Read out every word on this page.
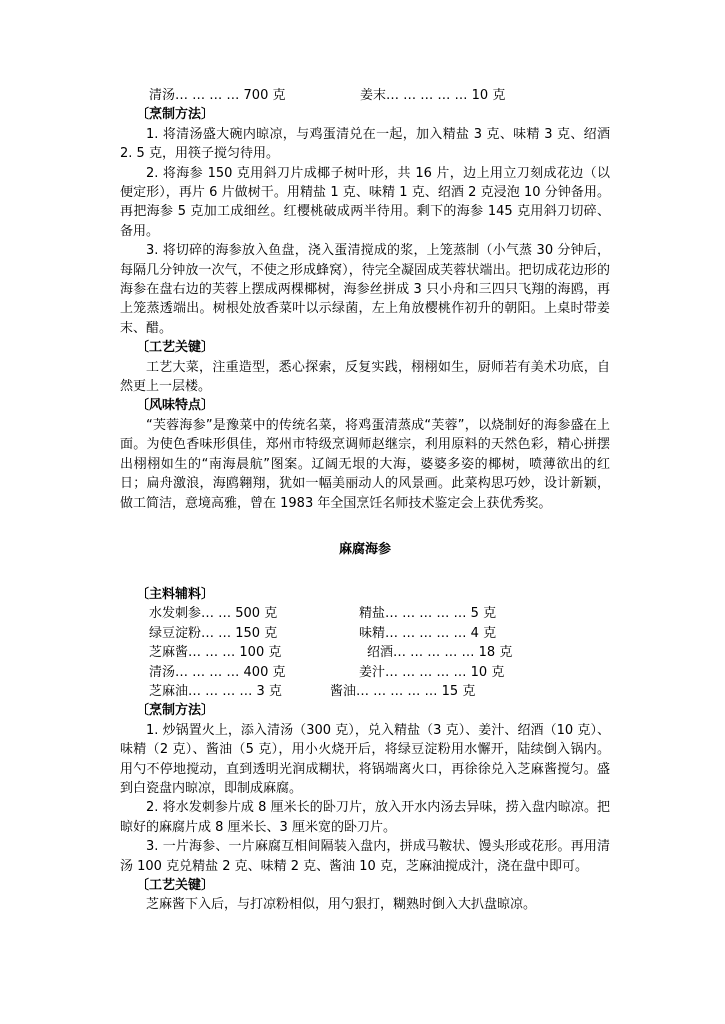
清汤… … … … 700 克	姜末… … … … … 10 克
〔烹制方法〕

1. 将清汤盛大碗内晾凉，与鸡蛋清兑在一起，加入精盐 3 克、味精 3 克、绍酒 2. 5 克，用筷子搅匀待用。

2. 将海参 150 克用斜刀片成椰子树叶形，共 16 片，边上用立刀刻成花边（以便定形），再片 6 片做树干。用精盐 1 克、味精 1 克、绍酒 2 克浸泡 10 分钟备用。再把海参 5 克加工成细丝。红樱桃破成两半待用。剩下的海参 145 克用斜刀切碎、备用。

3. 将切碎的海参放入鱼盘，浇入蛋清搅成的浆，上笼蒸制（小气蒸 30 分钟后，每隔几分钟放一次气，不使之形成蜂窝），待完全凝固成芙蓉状端出。把切成花边形的海参在盘右边的芙蓉上摆成两棵椰树，海参丝拼成 3 只小舟和三四只飞翔的海鸥，再上笼蒸透端出。树根处放香菜叶以示绿菌，左上角放樱桃作初升的朝阳。上桌时带姜末、醋。

〔工艺关键〕

工艺大菜，注重造型，悉心探索，反复实践，栩栩如生，厨师若有美术功底，自然更上一层楼。

〔风味特点〕

“芙蓉海参”是豫菜中的传统名菜，将鸡蛋清蒸成“芙蓉”，以烧制好的海参盛在上面。为使色香味形俱佳，郑州市特级烹调师赵继宗，利用原料的天然色彩，精心拼摆出栩栩如生的“南海晨航”图案。辽阔无垠的大海，婆婆多姿的椰树，喷薄欲出的红日；扁舟激浪，海鸥翱翔，犹如一幅美丽动人的风景画。此菜构思巧妙，设计新颖，做工简洁，意境高雅，曾在 1983 年全国烹饪名师技术鉴定会上获优秀奖。

麻腐海参
〔主料辅料〕
水发刺参… … 500 克	精盐… … … … … 5 克
绿豆淀粉… … 150 克	味精… … … … … 4 克
芝麻酱… … … 100 克	绍酒… … … … … 18 克
清汤… … … … 400 克	姜汁… … … … … 10 克
芝麻油… … … … 3 克	酱油… … … … … 15 克
〔烹制方法〕

1. 炒锅置火上，添入清汤（300 克），兑入精盐（3 克）、姜汁、绍酒（10 克）、味精（2 克）、酱油（5 克），用小火烧开后，将绿豆淀粉用水懈开，陆续倒入锅内。用勺不停地搅动，直到透明光润成糊状，将锅端离火口，再徐徐兑入芝麻酱搅匀。盛到白瓷盘内晾凉，即制成麻腐。

2. 将水发刺参片成 8 厘米长的卧刀片，放入开水内汤去异味，捞入盘内晾凉。把晾好的麻腐片成 8 厘米长、3 厘米宽的卧刀片。

3. 一片海参、一片麻腐互相间隔装入盘内，拼成马鞍状、馒头形或花形。再用清汤 100 克兑精盐 2 克、味精 2 克、酱油 10 克，芝麻油搅成汁，浇在盘中即可。

〔工艺关键〕

芝麻酱下入后，与打凉粉相似，用勺狠打，糊熟时倒入大扒盘晾凉。
